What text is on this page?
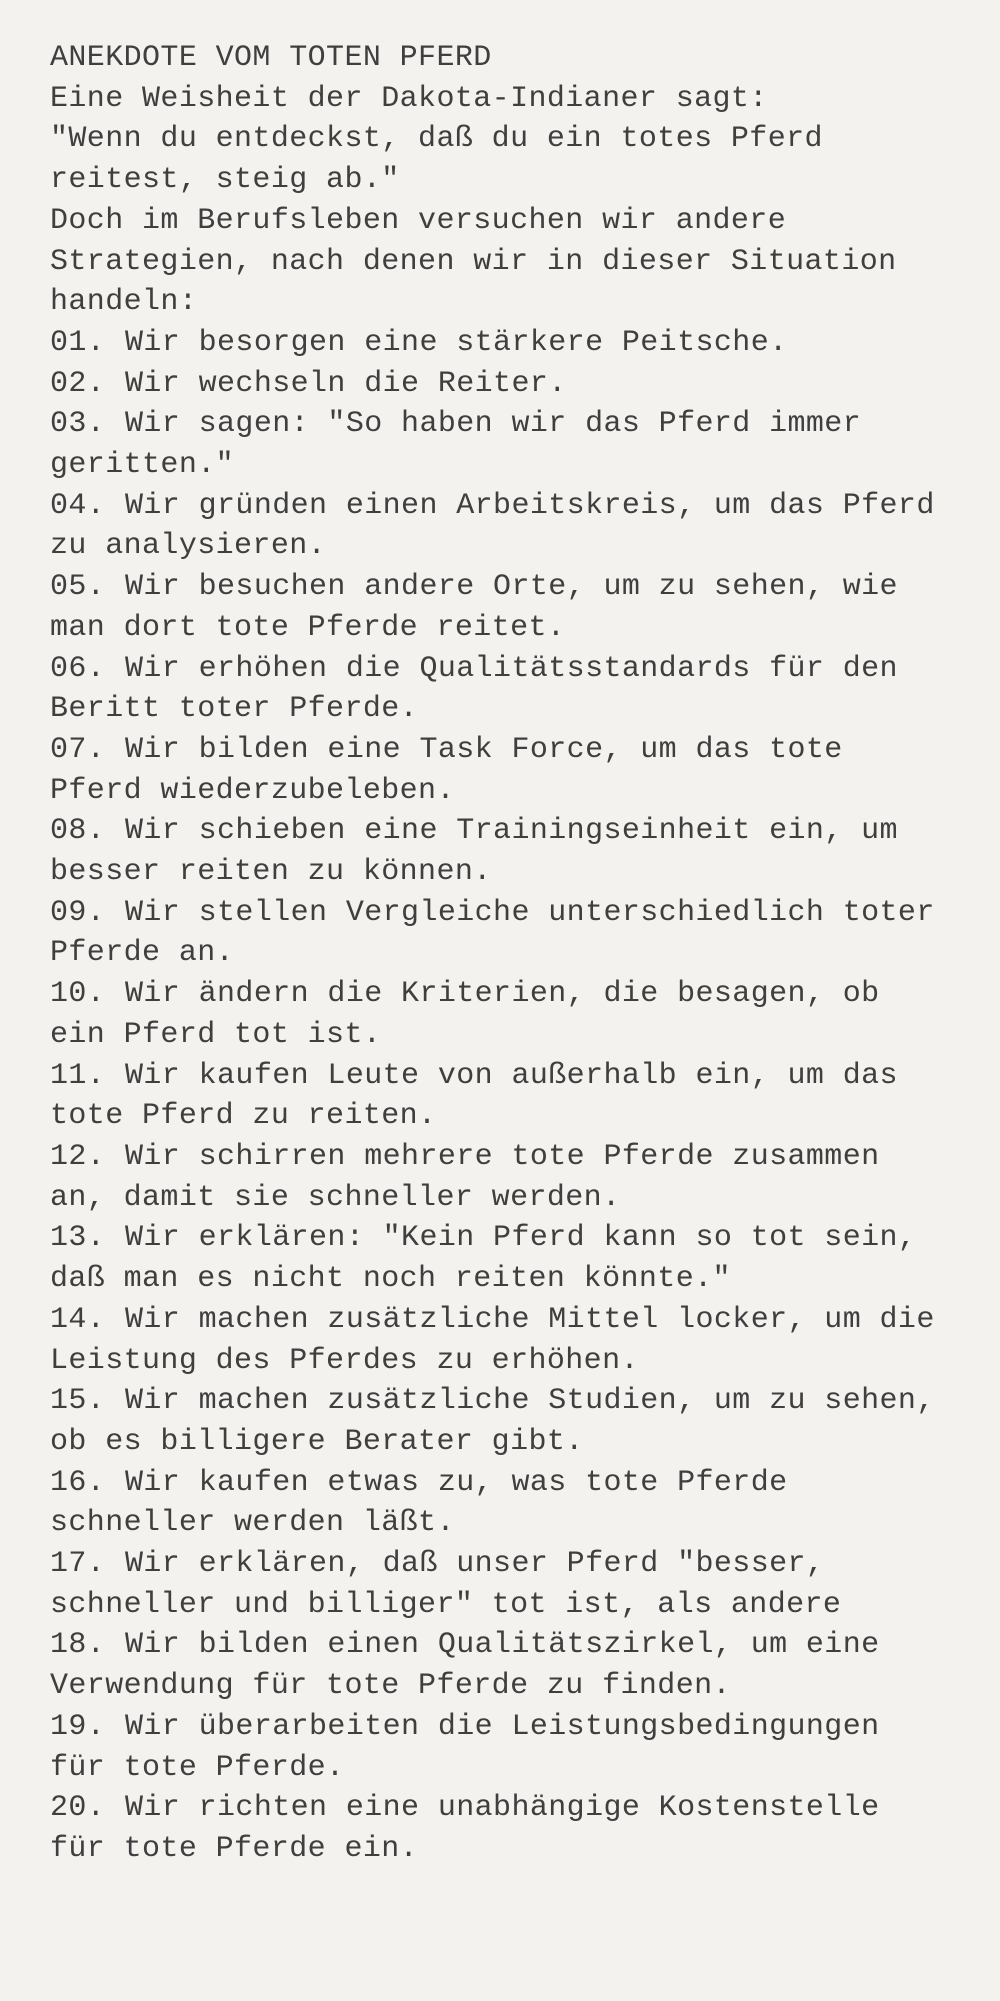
ANEKDOTE VOM TOTEN PFERD
Eine Weisheit der Dakota-Indianer sagt:
"Wenn du entdeckst, daß du ein totes Pferd reitest, steig ab."
Doch im Berufsleben versuchen wir andere Strategien, nach denen wir in dieser Situation handeln:
01. Wir besorgen eine stärkere Peitsche.
02. Wir wechseln die Reiter.
03. Wir sagen: "So haben wir das Pferd immer geritten."
04. Wir gründen einen Arbeitskreis, um das Pferd zu analysieren.
05. Wir besuchen andere Orte, um zu sehen, wie man dort tote Pferde reitet.
06. Wir erhöhen die Qualitätsstandards für den Beritt toter Pferde.
07. Wir bilden eine Task Force, um das tote Pferd wiederzubeleben.
08. Wir schieben eine Trainingseinheit ein, um besser reiten zu können.
09. Wir stellen Vergleiche unterschiedlich toter Pferde an.
10. Wir ändern die Kriterien, die besagen, ob ein Pferd tot ist.
11. Wir kaufen Leute von außerhalb ein, um das tote Pferd zu reiten.
12. Wir schirren mehrere tote Pferde zusammen an, damit sie schneller werden.
13. Wir erklären: "Kein Pferd kann so tot sein, daß man es nicht noch reiten könnte."
14. Wir machen zusätzliche Mittel locker, um die Leistung des Pferdes zu erhöhen.
15. Wir machen zusätzliche Studien, um zu sehen, ob es billigere Berater gibt.
16. Wir kaufen etwas zu, was tote Pferde schneller werden läßt.
17. Wir erklären, daß unser Pferd "besser, schneller und billiger" tot ist, als andere
18. Wir bilden einen Qualitätszirkel, um eine Verwendung für tote Pferde zu finden.
19. Wir überarbeiten die Leistungsbedingungen für tote Pferde.
20. Wir richten eine unabhängige Kostenstelle für tote Pferde ein.
